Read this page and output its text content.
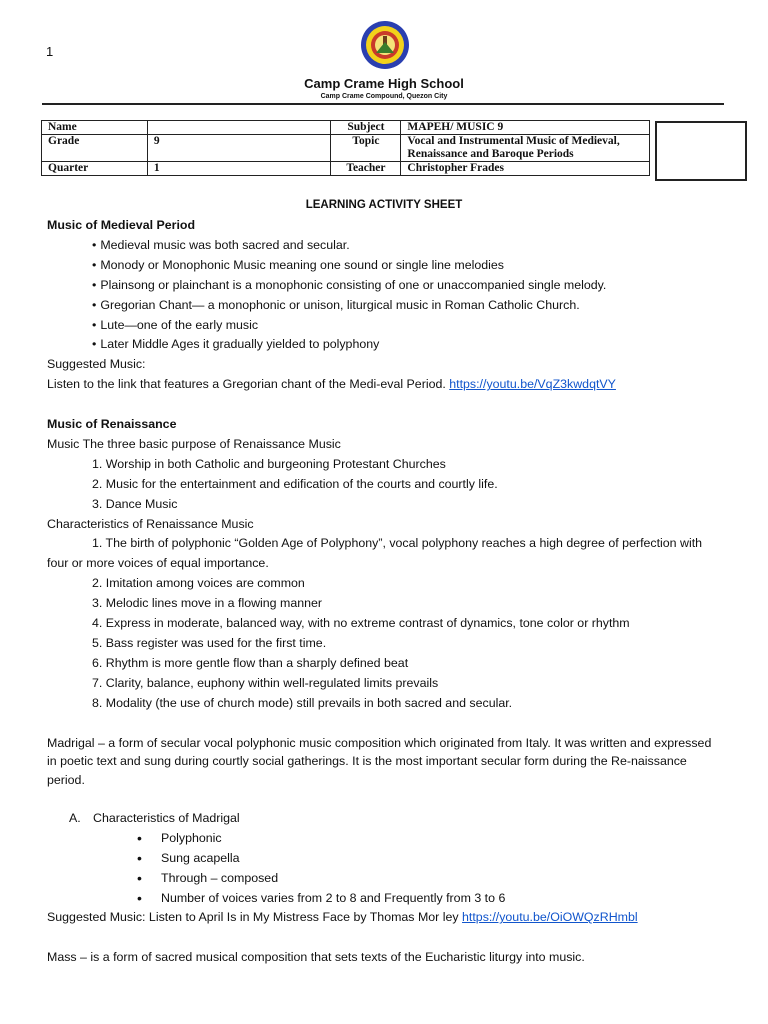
1
Camp Crame High School
Camp Crame Compound, Quezon City
Name		Subject	MAPEH/ MUSIC 9
Grade	9	Topic	Vocal and Instrumental Music of Medieval, Renaissance and Baroque Periods
Quarter	1	Teacher	Christopher Frades
LEARNING ACTIVITY SHEET

Music of Medieval Period

• Medieval music was both sacred and secular.

• Monody or Monophonic Music meaning one sound or single line melodies

• Plainsong or plainchant is a monophonic consisting of one or unaccompanied single melody.

• Gregorian Chant— a monophonic or unison, liturgical music in Roman Catholic Church.

• Lute—one of the early music

• Later Middle Ages it gradually yielded to polyphony

Suggested Music:

Listen to the link that features a Gregorian chant of the Medi-eval Period. https://youtu.be/VqZ3kwdqtVY

Music of Renaissance

Music The three basic purpose of Renaissance Music

1. Worship in both Catholic and burgeoning Protestant Churches

2. Music for the entertainment and edification of the courts and courtly life.

3. Dance Music

Characteristics of Renaissance Music

1. The birth of polyphonic “Golden Age of Polyphony”, vocal polyphony reaches a high degree of perfection with four or more voices of equal importance.

2. Imitation among voices are common

3. Melodic lines move in a flowing manner

4. Express in moderate, balanced way, with no extreme contrast of dynamics, tone color or rhythm

5. Bass register was used for the first time.

6. Rhythm is more gentle flow than a sharply defined beat

7. Clarity, balance, euphony within well-regulated limits prevails

8. Modality (the use of church mode) still prevails in both sacred and secular.

Madrigal – a form of secular vocal polyphonic music composition which originated from Italy. It was written and expressed in poetic text and sung during courtly social gatherings. It is the most important secular form during the Re-naissance period.

A. Characteristics of Madrigal

• Polyphonic

• Sung acapella

• Through – composed

• Number of voices varies from 2 to 8 and Frequently from 3 to 6

Suggested Music: Listen to April Is in My Mistress Face by Thomas Mor ley https://youtu.be/OiOWQzRHmbl

Mass – is a form of sacred musical composition that sets texts of the Eucharistic liturgy into music.
